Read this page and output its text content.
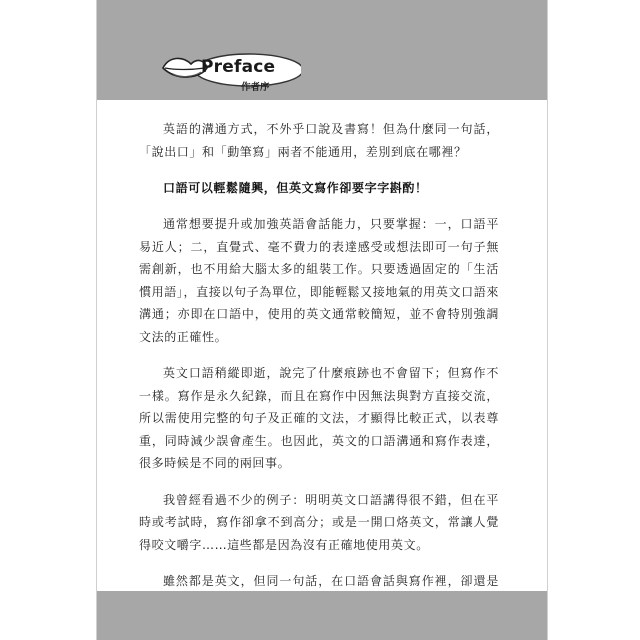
Preface
作者序

英語的溝通方式，不外乎口說及書寫！但為什麼同一句話，「說出口」和「動筆寫」兩者不能通用，差別到底在哪裡？

口語可以輕鬆隨興，但英文寫作卻要字字斟酌！

通常想要提升或加強英語會話能力，只要掌握：一，口語平易近人；二，直覺式、毫不費力的表達感受或想法即可一句子無需創新，也不用給大腦太多的組裝工作。只要透過固定的「生活慣用語」，直接以句子為單位，即能輕鬆又接地氣的用英文口語來溝通；亦即在口語中，使用的英文通常較簡短，並不會特別強調文法的正確性。

英文口語稍縱即逝，說完了什麼痕跡也不會留下；但寫作不一樣。寫作是永久紀錄，而且在寫作中因無法與對方直接交流，所以需使用完整的句子及正確的文法，才顯得比較正式，以表尊重，同時減少誤會產生。也因此，英文的口語溝通和寫作表達，很多時候是不同的兩回事。

我曾經看過不少的例子：明明英文口語講得很不錯，但在平時或考試時，寫作卻拿不到高分；或是一開口烙英文，常讓人覺得咬文嚼字……這些都是因為沒有正確地使用英文。

雖然都是英文，但同一句話，在口語會話與寫作裡，卻還是
